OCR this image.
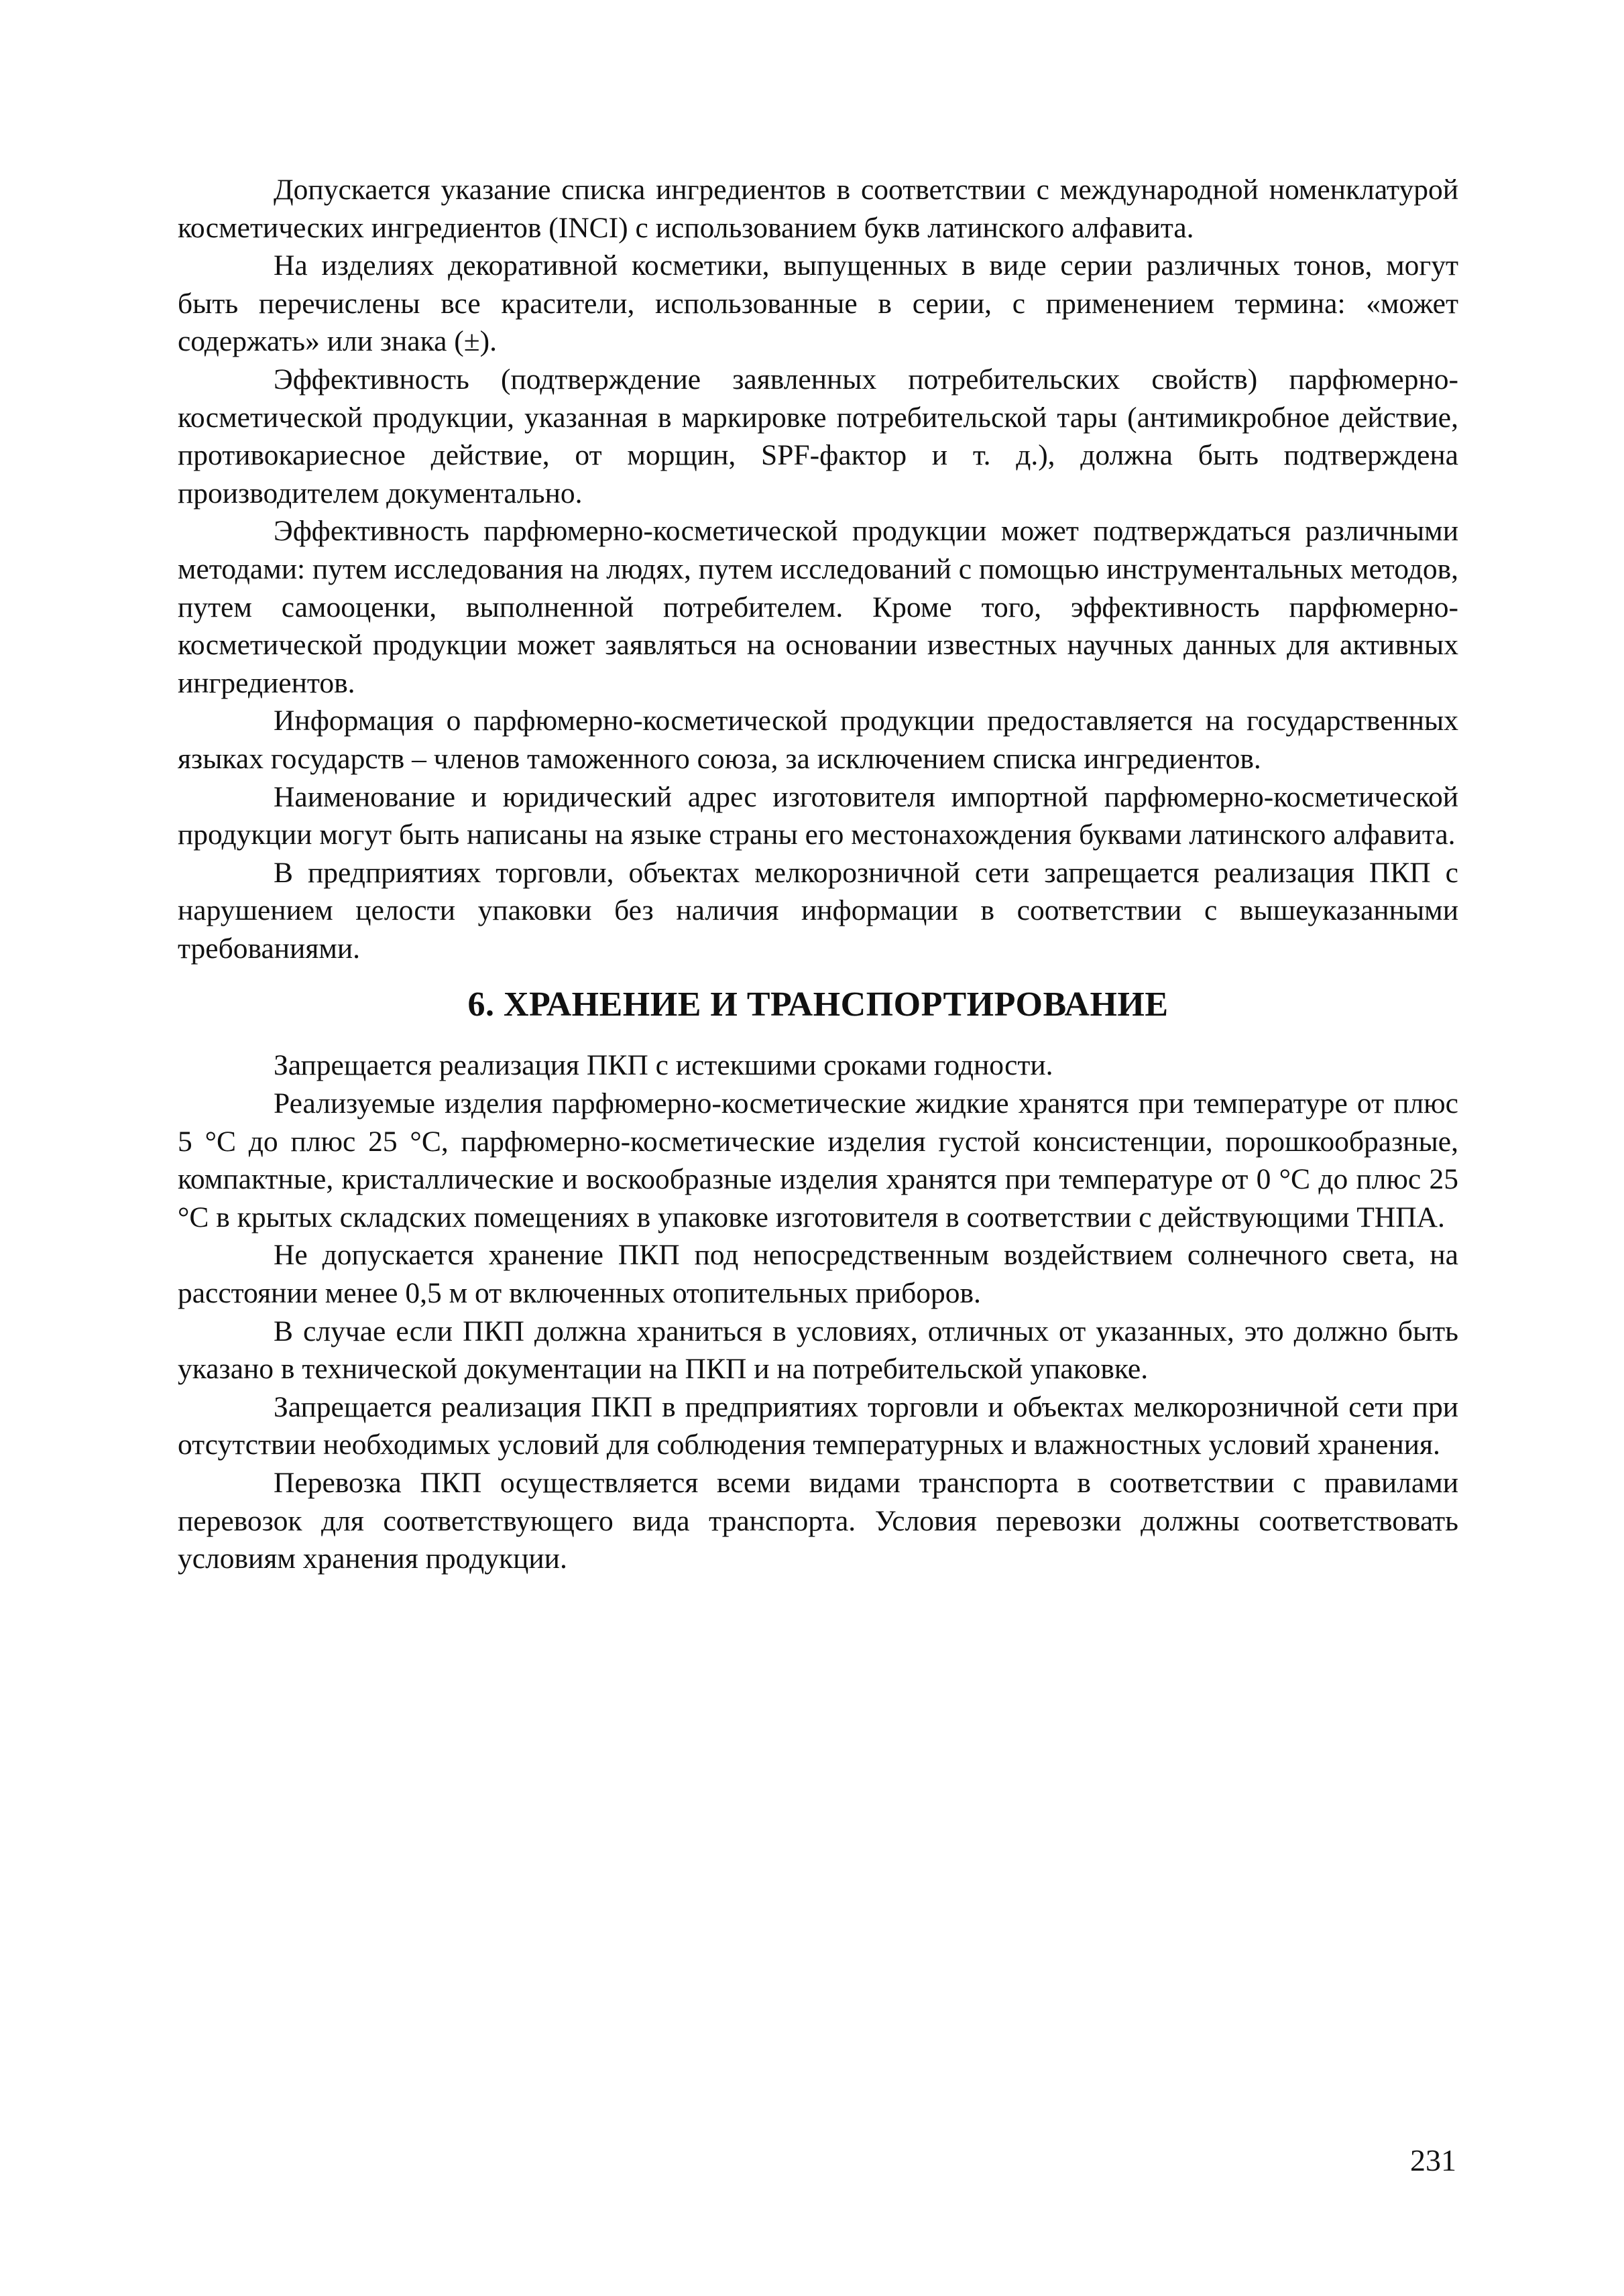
Допускается указание списка ингредиентов в соответствии с международной номенклатурой косметических ингредиентов (INCI) с использованием букв латинского алфавита.

На изделиях декоративной косметики, выпущенных в виде серии различных тонов, могут быть перечислены все красители, использованные в серии, с применением термина: «может содержать» или знака (±).

Эффективность (подтверждение заявленных потребительских свойств) парфюмерно-косметической продукции, указанная в маркировке потребительской тары (антимикробное действие, противокариесное действие, от морщин, SPF-фактор и т. д.), должна быть подтверждена производителем документально.

Эффективность парфюмерно-косметической продукции может подтверждаться различными методами: путем исследования на людях, путем исследований с помощью инструментальных методов, путем самооценки, выполненной потребителем. Кроме того, эффективность парфюмерно-косметической продукции может заявляться на основании известных научных данных для активных ингредиентов.

Информация о парфюмерно-косметической продукции предоставляется на государственных языках государств – членов таможенного союза, за исключением списка ингредиентов.

Наименование и юридический адрес изготовителя импортной парфюмерно-косметической продукции могут быть написаны на языке страны его местонахождения буквами латинского алфавита.

В предприятиях торговли, объектах мелкорозничной сети запрещается реализация ПКП с нарушением целости упаковки без наличия информации в соответствии с вышеуказанными требованиями.

6. ХРАНЕНИЕ И ТРАНСПОРТИРОВАНИЕ

Запрещается реализация ПКП с истекшими сроками годности.

Реализуемые изделия парфюмерно-косметические жидкие хранятся при температуре от плюс 5 °С до плюс 25 °С, парфюмерно-косметические изделия густой консистенции, порошкообразные, компактные, кристаллические и воскообразные изделия хранятся при температуре от 0 °С до плюс 25 °С в крытых складских помещениях в упаковке изготовителя в соответствии с действующими ТНПА.

Не допускается хранение ПКП под непосредственным воздействием солнечного света, на расстоянии менее 0,5 м от включенных отопительных приборов.

В случае если ПКП должна храниться в условиях, отличных от указанных, это должно быть указано в технической документации на ПКП и на потребительской упаковке.

Запрещается реализация ПКП в предприятиях торговли и объектах мелкорозничной сети при отсутствии необходимых условий для соблюдения температурных и влажностных условий хранения.

Перевозка ПКП осуществляется всеми видами транспорта в соответствии с правилами перевозок для соответствующего вида транспорта. Условия перевозки должны соответствовать условиям хранения продукции.

231
